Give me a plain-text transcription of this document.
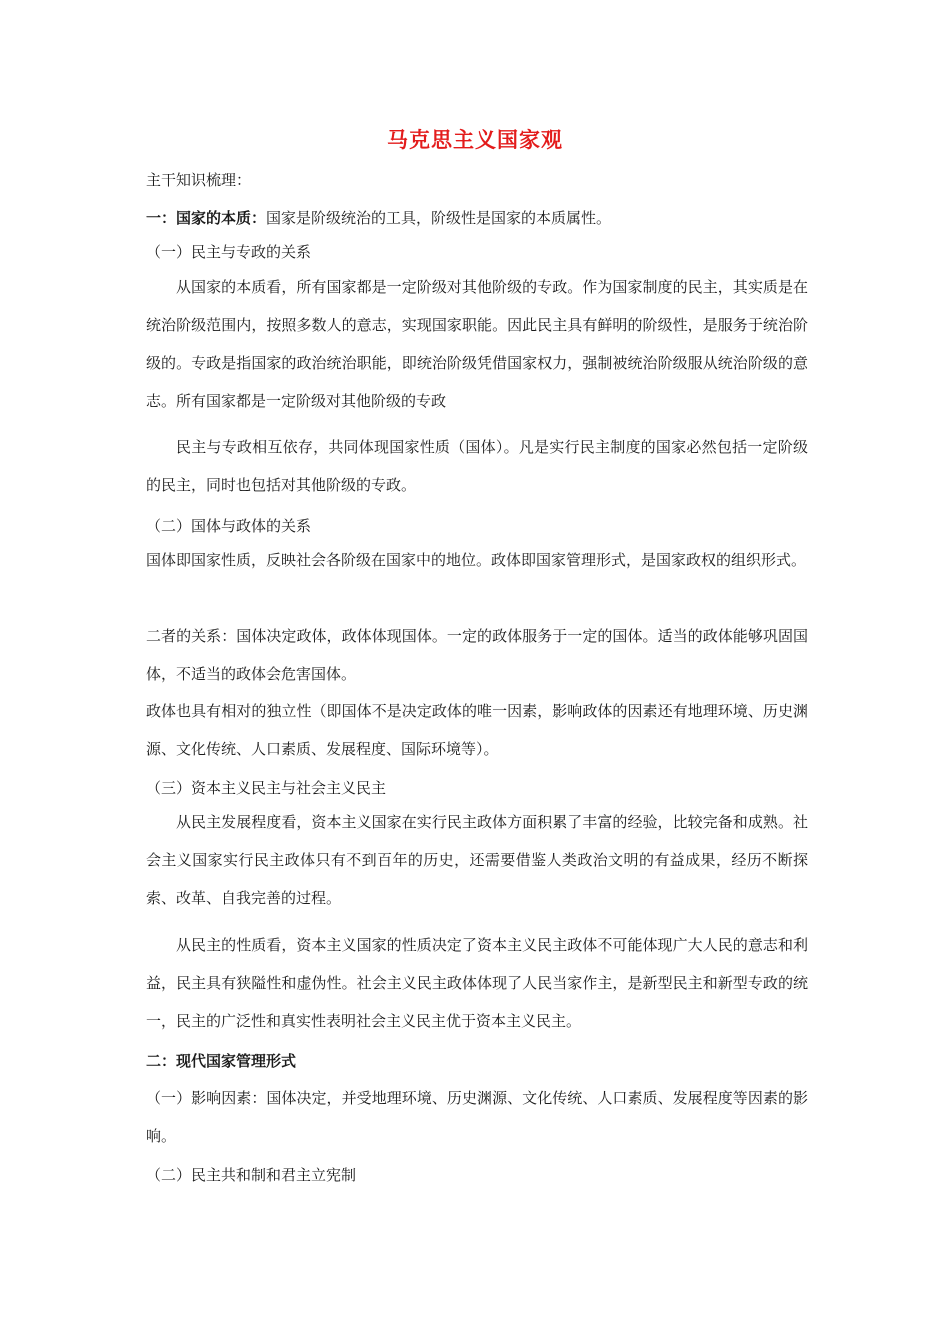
马克思主义国家观

主干知识梳理：

一：国家的本质：国家是阶级统治的工具，阶级性是国家的本质属性。

（一）民主与专政的关系

从国家的本质看，所有国家都是一定阶级对其他阶级的专政。作为国家制度的民主，其实质是在统治阶级范围内，按照多数人的意志，实现国家职能。因此民主具有鲜明的阶级性，是服务于统治阶级的。专政是指国家的政治统治职能，即统治阶级凭借国家权力，强制被统治阶级服从统治阶级的意志。所有国家都是一定阶级对其他阶级的专政

民主与专政相互依存，共同体现国家性质（国体）。凡是实行民主制度的国家必然包括一定阶级的民主，同时也包括对其他阶级的专政。

（二）国体与政体的关系

国体即国家性质，反映社会各阶级在国家中的地位。政体即国家管理形式，是国家政权的组织形式。

二者的关系：国体决定政体，政体体现国体。一定的政体服务于一定的国体。适当的政体能够巩固国体，不适当的政体会危害国体。

政体也具有相对的独立性（即国体不是决定政体的唯一因素，影响政体的因素还有地理环境、历史渊源、文化传统、人口素质、发展程度、国际环境等）。

（三）资本主义民主与社会主义民主

从民主发展程度看，资本主义国家在实行民主政体方面积累了丰富的经验，比较完备和成熟。社会主义国家实行民主政体只有不到百年的历史，还需要借鉴人类政治文明的有益成果，经历不断探索、改革、自我完善的过程。

从民主的性质看，资本主义国家的性质决定了资本主义民主政体不可能体现广大人民的意志和利益，民主具有狭隘性和虚伪性。社会主义民主政体体现了人民当家作主，是新型民主和新型专政的统一，民主的广泛性和真实性表明社会主义民主优于资本主义民主。

二：现代国家管理形式

（一）影响因素：国体决定，并受地理环境、历史渊源、文化传统、人口素质、发展程度等因素的影响。

（二）民主共和制和君主立宪制
